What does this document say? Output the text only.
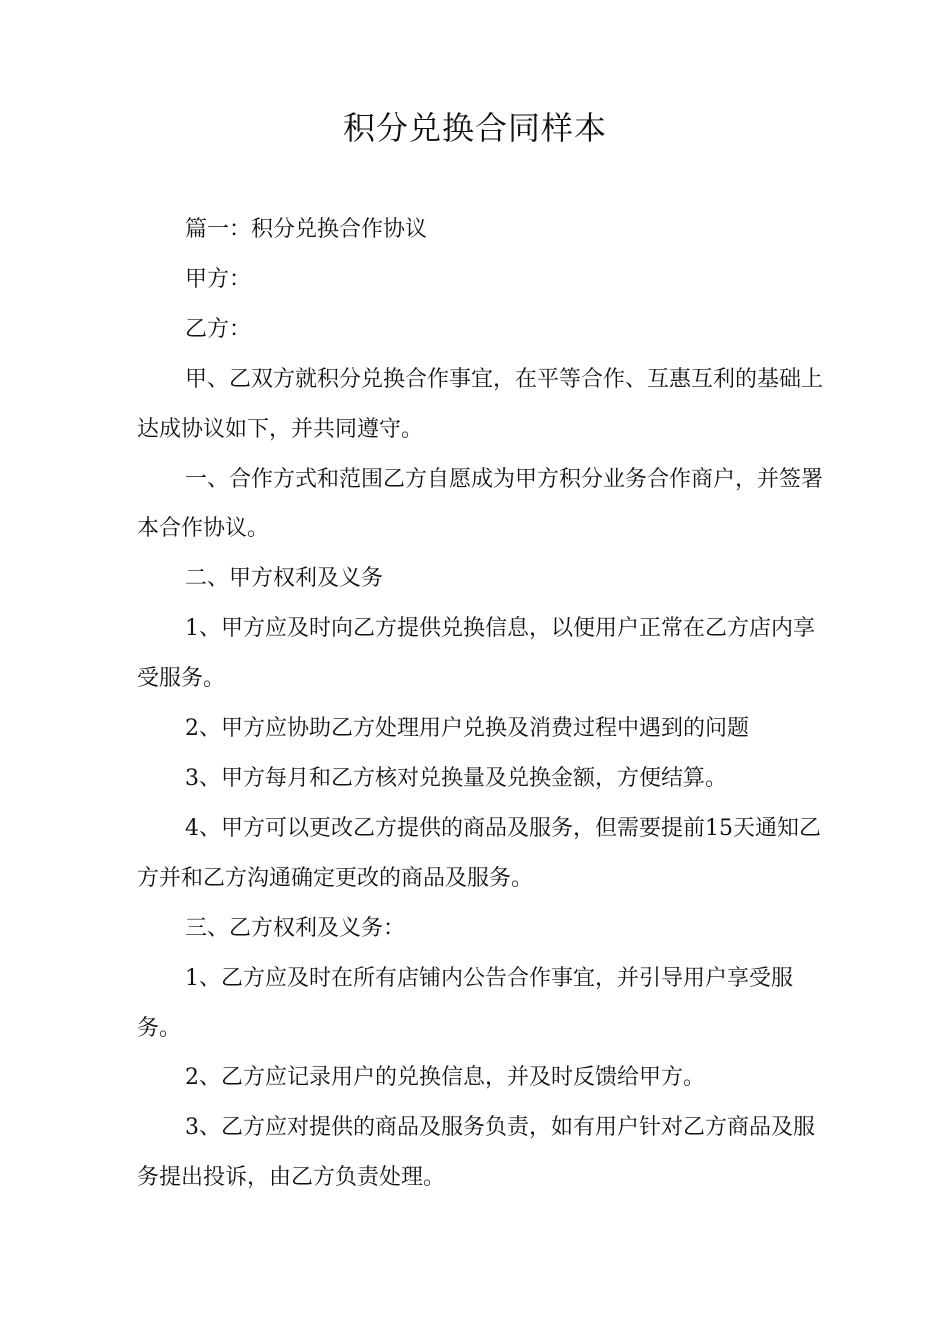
积分兑换合同样本

篇一：积分兑换合作协议

甲方：

乙方：

甲、乙双方就积分兑换合作事宜，在平等合作、互惠互利的基础上达成协议如下，并共同遵守。

一、合作方式和范围乙方自愿成为甲方积分业务合作商户，并签署本合作协议。

二、甲方权利及义务

1、甲方应及时向乙方提供兑换信息，以便用户正常在乙方店内享受服务。

2、甲方应协助乙方处理用户兑换及消费过程中遇到的问题

3、甲方每月和乙方核对兑换量及兑换金额，方便结算。

4、甲方可以更改乙方提供的商品及服务，但需要提前15天通知乙方并和乙方沟通确定更改的商品及服务。

三、乙方权利及义务：

1、乙方应及时在所有店铺内公告合作事宜，并引导用户享受服务。

2、乙方应记录用户的兑换信息，并及时反馈给甲方。

3、乙方应对提供的商品及服务负责，如有用户针对乙方商品及服务提出投诉，由乙方负责处理。
